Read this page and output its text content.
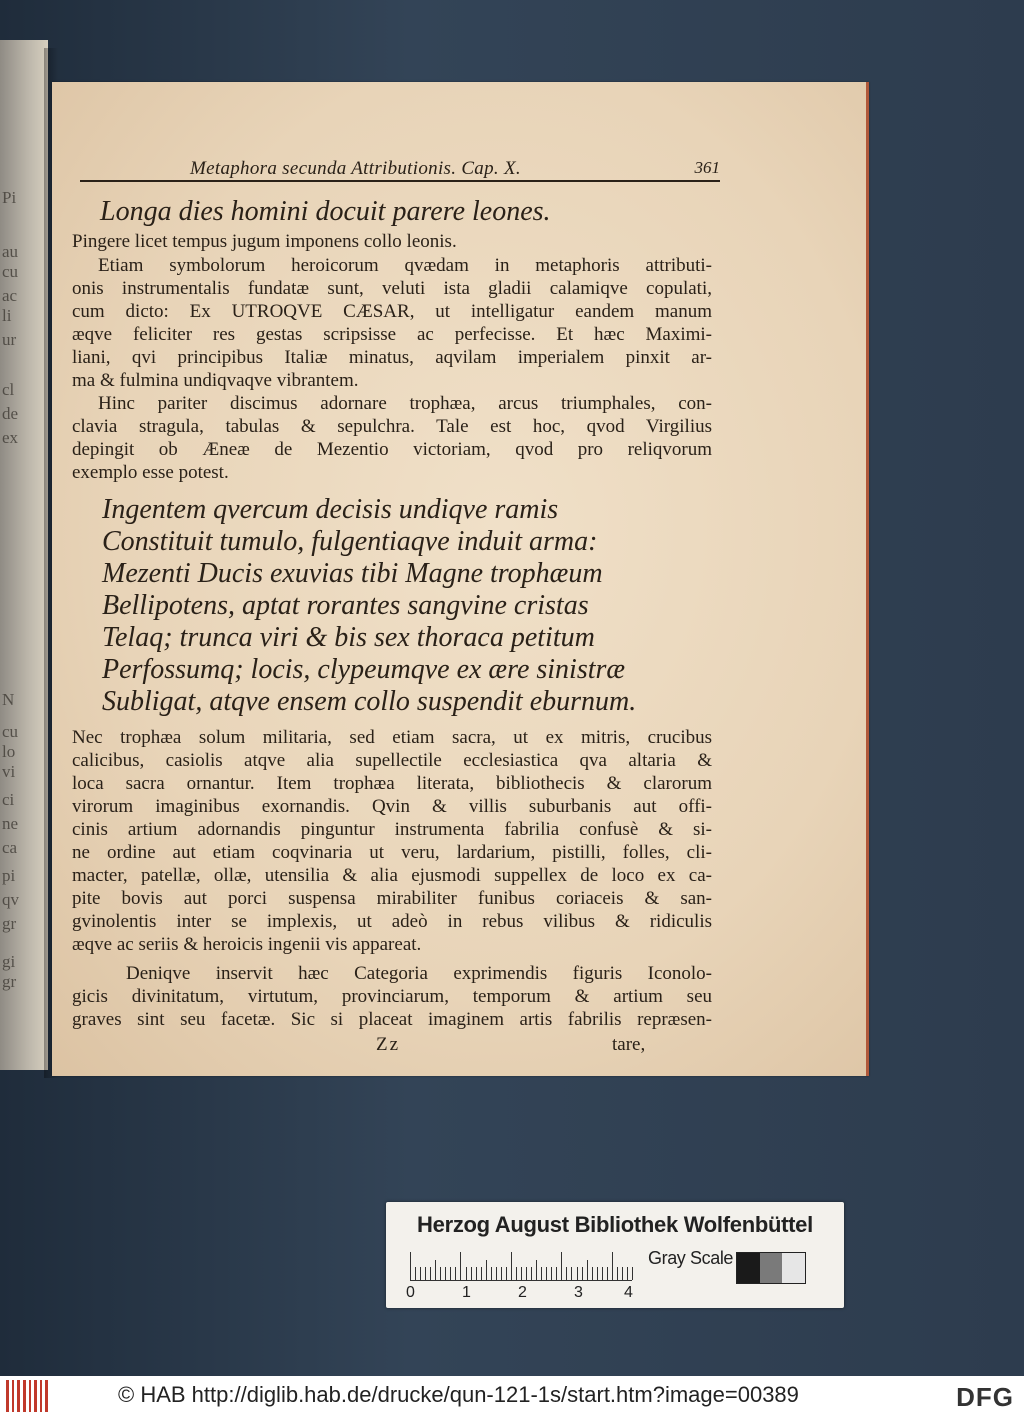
Pi
au
cu
ac
li
ur
cl
de
ex
N
cu
lo
vi
ci
ne
ca
pi
qv
gr
gi
gr
Metaphora secunda Attributionis. Cap. X.	361
Longa dies homini docuit parere leones.
Pingere licet tempus jugum imponens collo leonis.
Etiam symbolorum heroicorum qvædam in metaphoris attributi-
onis instrumentalis fundatæ sunt, veluti ista gladii calamiqve copulati,
cum dicto: Ex UTROQVE CÆSAR, ut intelligatur eandem manum
æqve feliciter res gestas scripsisse ac perfecisse. Et hæc Maximi-
liani, qvi principibus Italiæ minatus, aqvilam imperialem pinxit ar-
ma & fulmina undiqvaqve vibrantem.
Hinc pariter discimus adornare trophæa, arcus triumphales, con-
clavia stragula, tabulas & sepulchra. Tale est hoc, qvod Virgilius
depingit ob Æneæ de Mezentio victoriam, qvod pro reliqvorum
exemplo esse potest.
Ingentem qvercum decisis undiqve ramis
Constituit tumulo, fulgentiaqve induit arma:
Mezenti Ducis exuvias tibi Magne trophæum
Bellipotens, aptat rorantes sangvine cristas
Telaq; trunca viri & bis sex thoraca petitum
Perfossumq; locis, clypeumqve ex ære sinistræ
Subligat, atqve ensem collo suspendit eburnum.
Nec trophæa solum militaria, sed etiam sacra, ut ex mitris, crucibus
calicibus, casiolis atqve alia supellectile ecclesiastica qva altaria &
loca sacra ornantur. Item trophæa literata, bibliothecis & clarorum
virorum imaginibus exornandis. Qvin & villis suburbanis aut offi-
cinis artium adornandis pinguntur instrumenta fabrilia confusè & si-
ne ordine aut etiam coqvinaria ut veru, lardarium, pistilli, folles, cli-
macter, patellæ, ollæ, utensilia & alia ejusmodi suppellex de loco ex ca-
pite bovis aut porci suspensa mirabiliter funibus coriaceis & san-
gvinolentis inter se implexis, ut adeò in rebus vilibus & ridiculis
æqve ac seriis & heroicis ingenii vis appareat.
Deniqve inservit hæc Categoria exprimendis figuris Iconolo-
gicis divinitatum, virtutum, provinciarum, temporum & artium seu
graves sint seu facetæ. Sic si placeat imaginem artis fabrilis repræsen-
Zz	tare,
Herzog August Bibliothek Wolfenbüttel
0	1	2	3	4
Gray Scale
© HAB http://diglib.hab.de/drucke/qun-121-1s/start.htm?image=00389	DFG
